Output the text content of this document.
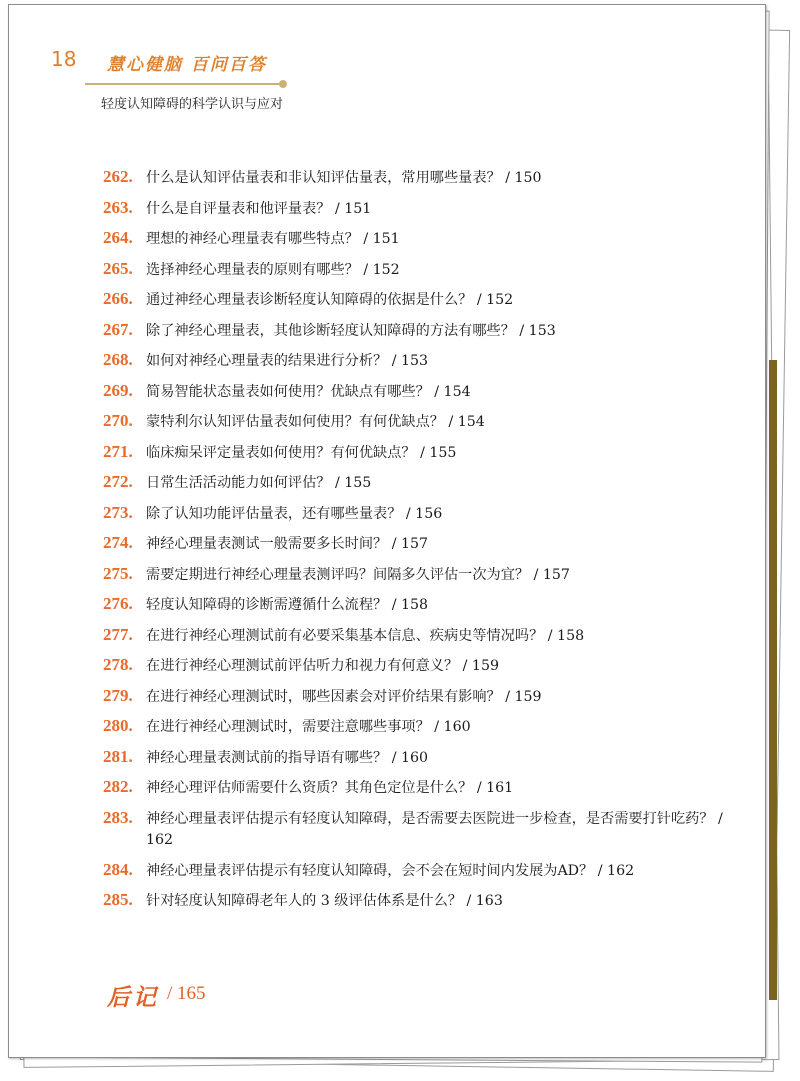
18 慧心健脑 百问百答
轻度认知障碍的科学认识与应对
262. 什么是认知评估量表和非认知评估量表，常用哪些量表？ / 150
263. 什么是自评量表和他评量表？ / 151
264. 理想的神经心理量表有哪些特点？ / 151
265. 选择神经心理量表的原则有哪些？ / 152
266. 通过神经心理量表诊断轻度认知障碍的依据是什么？ / 152
267. 除了神经心理量表，其他诊断轻度认知障碍的方法有哪些？ / 153
268. 如何对神经心理量表的结果进行分析？ / 153
269. 简易智能状态量表如何使用？优缺点有哪些？ / 154
270. 蒙特利尔认知评估量表如何使用？有何优缺点？ / 154
271. 临床痴呆评定量表如何使用？有何优缺点？ / 155
272. 日常生活活动能力如何评估？ / 155
273. 除了认知功能评估量表，还有哪些量表？ / 156
274. 神经心理量表测试一般需要多长时间？ / 157
275. 需要定期进行神经心理量表测评吗？间隔多久评估一次为宜？ / 157
276. 轻度认知障碍的诊断需遵循什么流程？ / 158
277. 在进行神经心理测试前有必要采集基本信息、疾病史等情况吗？ / 158
278. 在进行神经心理测试前评估听力和视力有何意义？ / 159
279. 在进行神经心理测试时，哪些因素会对评价结果有影响？ / 159
280. 在进行神经心理测试时，需要注意哪些事项？ / 160
281. 神经心理量表测试前的指导语有哪些？ / 160
282. 神经心理评估师需要什么资质？其角色定位是什么？ / 161
283. 神经心理量表评估提示有轻度认知障碍，是否需要去医院进一步检查，是否需要打针吃药？ / 162
284. 神经心理量表评估提示有轻度认知障碍，会不会在短时间内发展为AD？ / 162
285. 针对轻度认知障碍老年人的 3 级评估体系是什么？ / 163
后记 / 165
